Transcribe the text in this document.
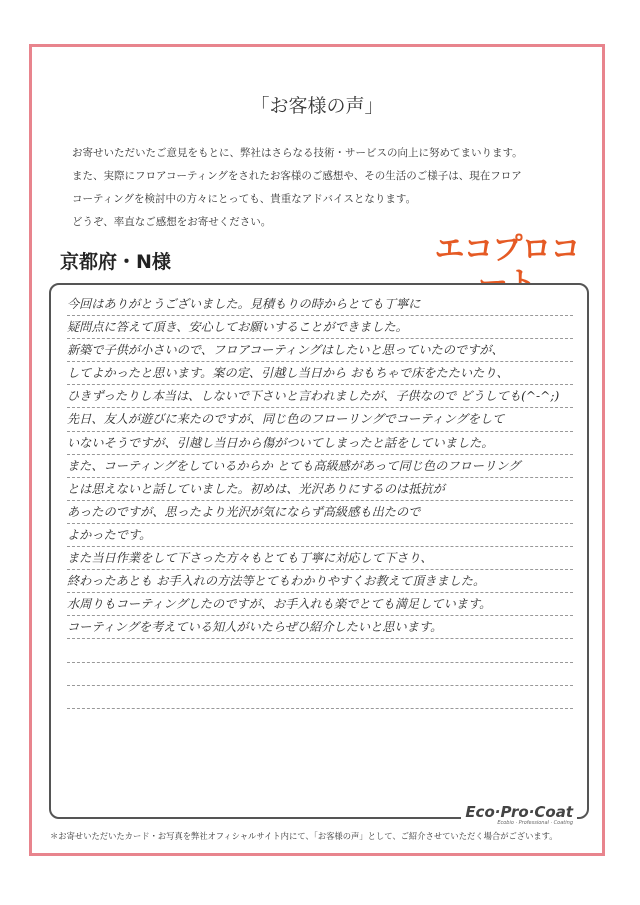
「お客様の声」
お寄せいただいたご意見をもとに、弊社はさらなる技術・サービスの向上に努めてまいります。
また、実際にフロアコーティングをされたお客様のご感想や、その生活のご様子は、現在フロア
コーティングを検討中の方々にとっても、貴重なアドバイスとなります。
どうぞ、率直なご感想をお寄せください。
京都府・N様	エコプロコ
今回はありがとうございました。見積もりの時からとても丁寧に
疑問点に答えて頂き、安心してお願いすることができました。
新築で子供が小さいので、フロアコーティングはしたいと思っていたのですが、
してよかったと思います。案の定、引越し当日から おもちゃで床をたたいたり、
ひきずったりし本当は、しないで下さいと言われましたが、子供なので どうしても(^-^;)
先日、友人が遊びに来たのですが、同じ色のフローリングでコーティングをして
いないそうですが、引越し当日から傷がついてしまったと話をしていました。
また、コーティングをしているからか とても高級感があって同じ色のフローリング
とは思えないと話していました。初めは、光沢ありにするのは抵抗が
あったのですが、思ったより光沢が気にならず高級感も出たので
よかったです。
また当日作業をして下さった方々もとても丁寧に対応して下さり、
終わったあとも お手入れの方法等とてもわかりやすくお教えて頂きました。
水周りもコーティングしたのですが、お手入れも楽でとても満足しています。
コーティングを考えている知人がいたらぜひ紹介したいと思います。
Eco·Pro·Coat
Ecobio · Professional · Coating
＊お寄せいただいたカード・お写真を弊社オフィシャルサイト内にて、「お客様の声」として、ご紹介させていただく場合がございます。
